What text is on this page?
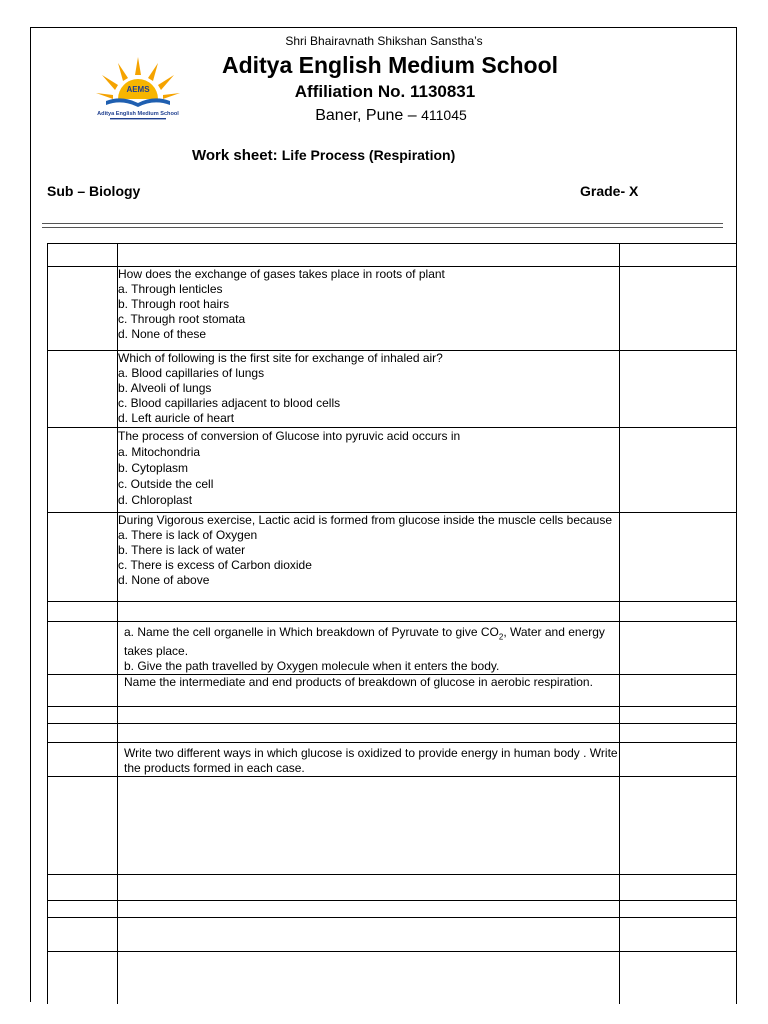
AEMS
Aditya English Medium School
Shri Bhairavnath Shikshan Sanstha’s
Aditya English Medium School
Affiliation No. 1130831
Baner, Pune – 411045
Work sheet: Life Process (Respiration)
Sub – Biology	Grade- X

	How does the exchange of gases takes place in roots of plant
a. Through lenticles
b. Through root hairs
c. Through root stomata
d. None of these	

	Which of following is the first site for exchange of inhaled air?
a. Blood capillaries of lungs
b. Alveoli of lungs
c. Blood capillaries adjacent to blood cells
d. Left auricle of heart	

	The process of conversion of Glucose into pyruvic acid occurs in
a. Mitochondria
b. Cytoplasm
c. Outside the cell
d. Chloroplast	

	During Vigorous exercise, Lactic acid is formed from glucose inside the muscle cells because
a. There is lack of Oxygen
b. There is lack of water
c. There is excess of Carbon dioxide
d. None of above	

	a. Name the cell organelle in Which breakdown of Pyruvate to give $CO_2$, Water and energy takes place.
b. Give the path travelled by Oxygen molecule when it enters the body.	

	Name the intermediate and end products of breakdown of glucose in aerobic respiration.	

	Write two different ways in which glucose is oxidized to provide energy in human body . Write the products formed in each case.	
